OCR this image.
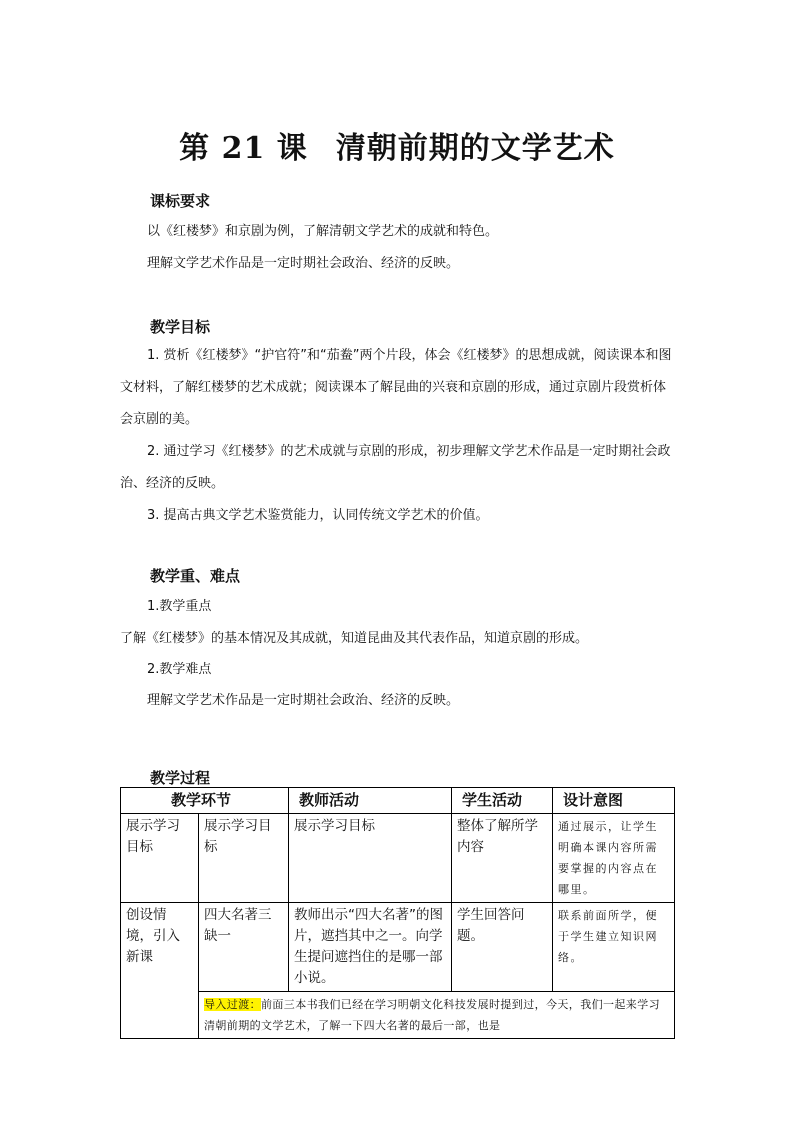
第 21 课 清朝前期的文学艺术
课标要求
以《红楼梦》和京剧为例，了解清朝文学艺术的成就和特色。
理解文学艺术作品是一定时期社会政治、经济的反映。
教学目标
1. 赏析《红楼梦》“护官符”和“茄鲞”两个片段，体会《红楼梦》的思想成就，阅读课本和图文材料，了解红楼梦的艺术成就；阅读课本了解昆曲的兴衰和京剧的形成，通过京剧片段赏析体会京剧的美。
2. 通过学习《红楼梦》的艺术成就与京剧的形成，初步理解文学艺术作品是一定时期社会政治、经济的反映。
3. 提高古典文学艺术鉴赏能力，认同传统文学艺术的价值。
教学重、难点
1.教学重点
了解《红楼梦》的基本情况及其成就，知道昆曲及其代表作品，知道京剧的形成。
2.教学难点
理解文学艺术作品是一定时期社会政治、经济的反映。
教学过程
教学环节		教师活动	学生活动	设计意图
展示学习目标	展示学习目标	展示学习目标	整体了解所学内容	通过展示，让学生明确本课内容所需要掌握的内容点在哪里。
创设情境，引入新课	四大名著三缺一	教师出示“四大名著”的图片，遮挡其中之一。向学生提问遮挡住的是哪一部小说。	学生回答问题。	联系前面所学，便于学生建立知识网络。
	导入过渡：前面三本书我们已经在学习明朝文化科技发展时提到过，今天，我们一起来学习清朝前期的文学艺术，了解一下四大名著的最后一部，也是			
